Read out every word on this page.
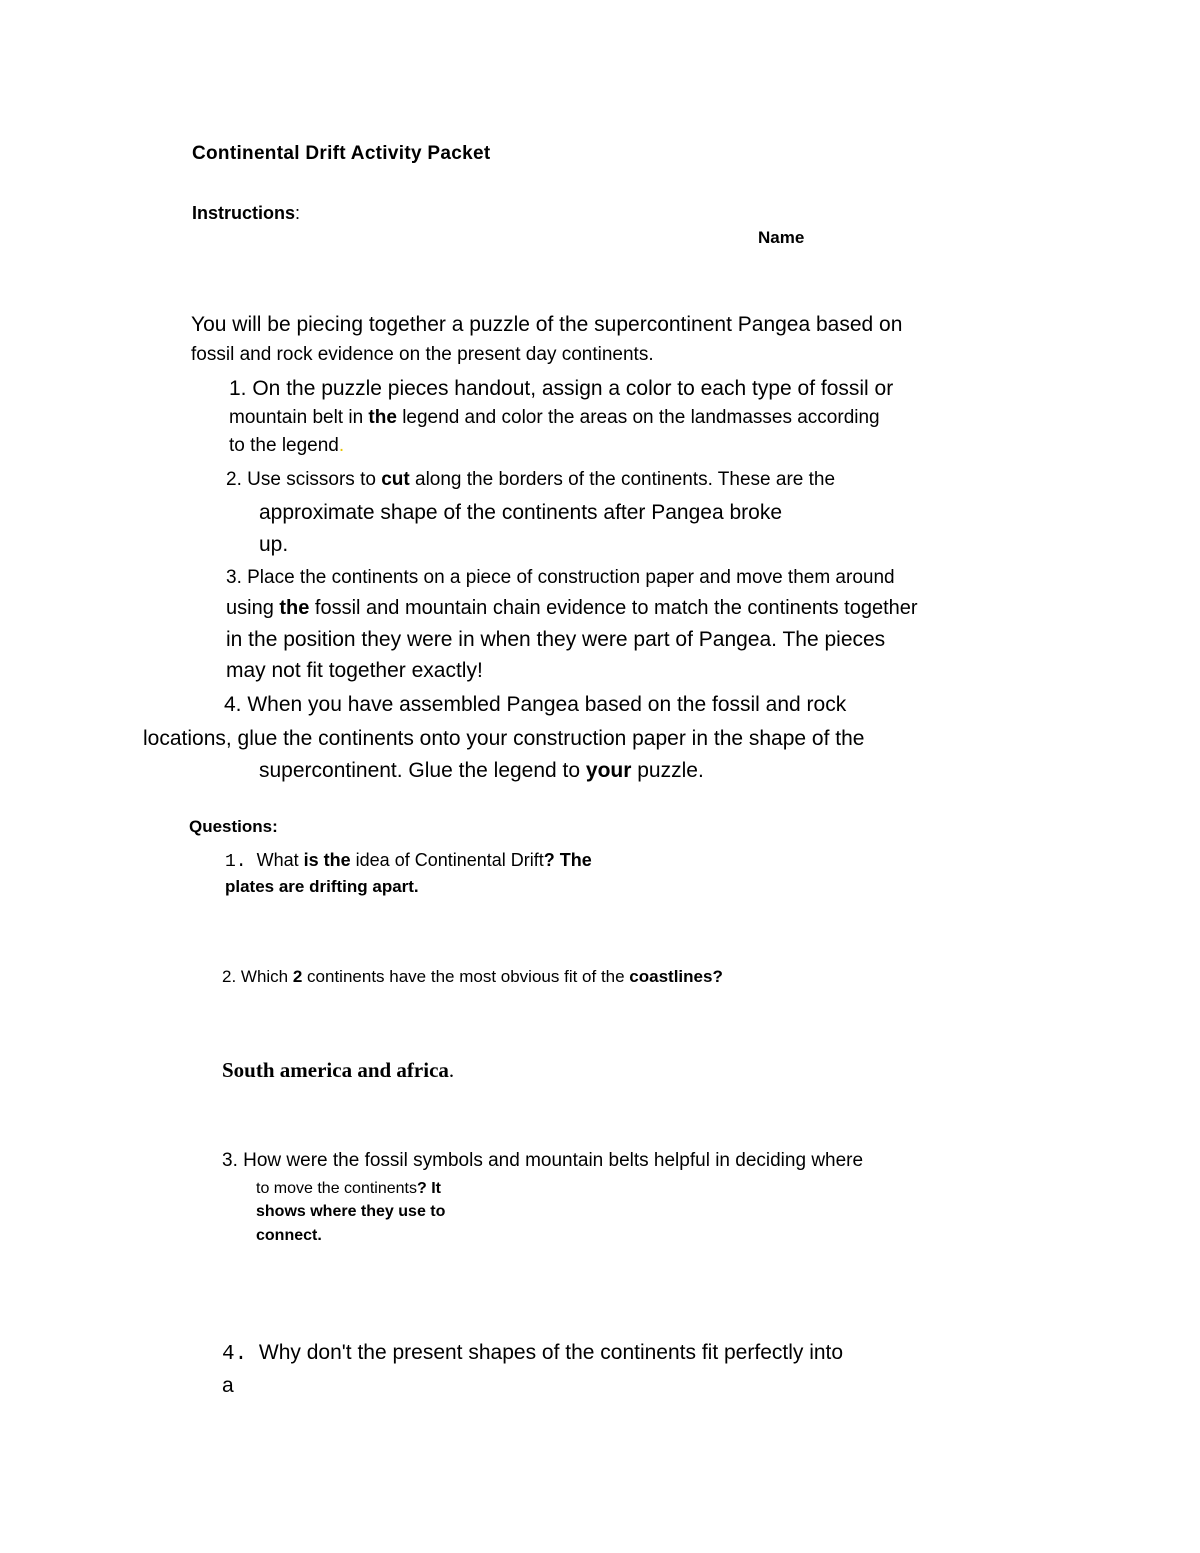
Continental Drift Activity Packet
Instructions:
Name
You will be piecing together a puzzle of the supercontinent Pangea based on
fossil and rock evidence on the present day continents.
1. On the puzzle pieces handout, assign a color to each type of fossil or
mountain belt in the legend and color the areas on the landmasses according
to the legend.
2. Use scissors to cut along the borders of the continents. These are the
approximate shape of the continents after Pangea broke
up.
3. Place the continents on a piece of construction paper and move them around
using the fossil and mountain chain evidence to match the continents together
in the position they were in when they were part of Pangea. The pieces
may not fit together exactly!
4. When you have assembled Pangea based on the fossil and rock
locations, glue the continents onto your construction paper in the shape of the
supercontinent. Glue the legend to your puzzle.
Questions:
1. What is the idea of Continental Drift? The
plates are drifting apart.
2. Which 2 continents have the most obvious fit of the coastlines?
South america and africa.
3. How were the fossil symbols and mountain belts helpful in deciding where
to move the continents? It
shows where they use to
connect.
4. Why don't the present shapes of the continents fit perfectly into
a
